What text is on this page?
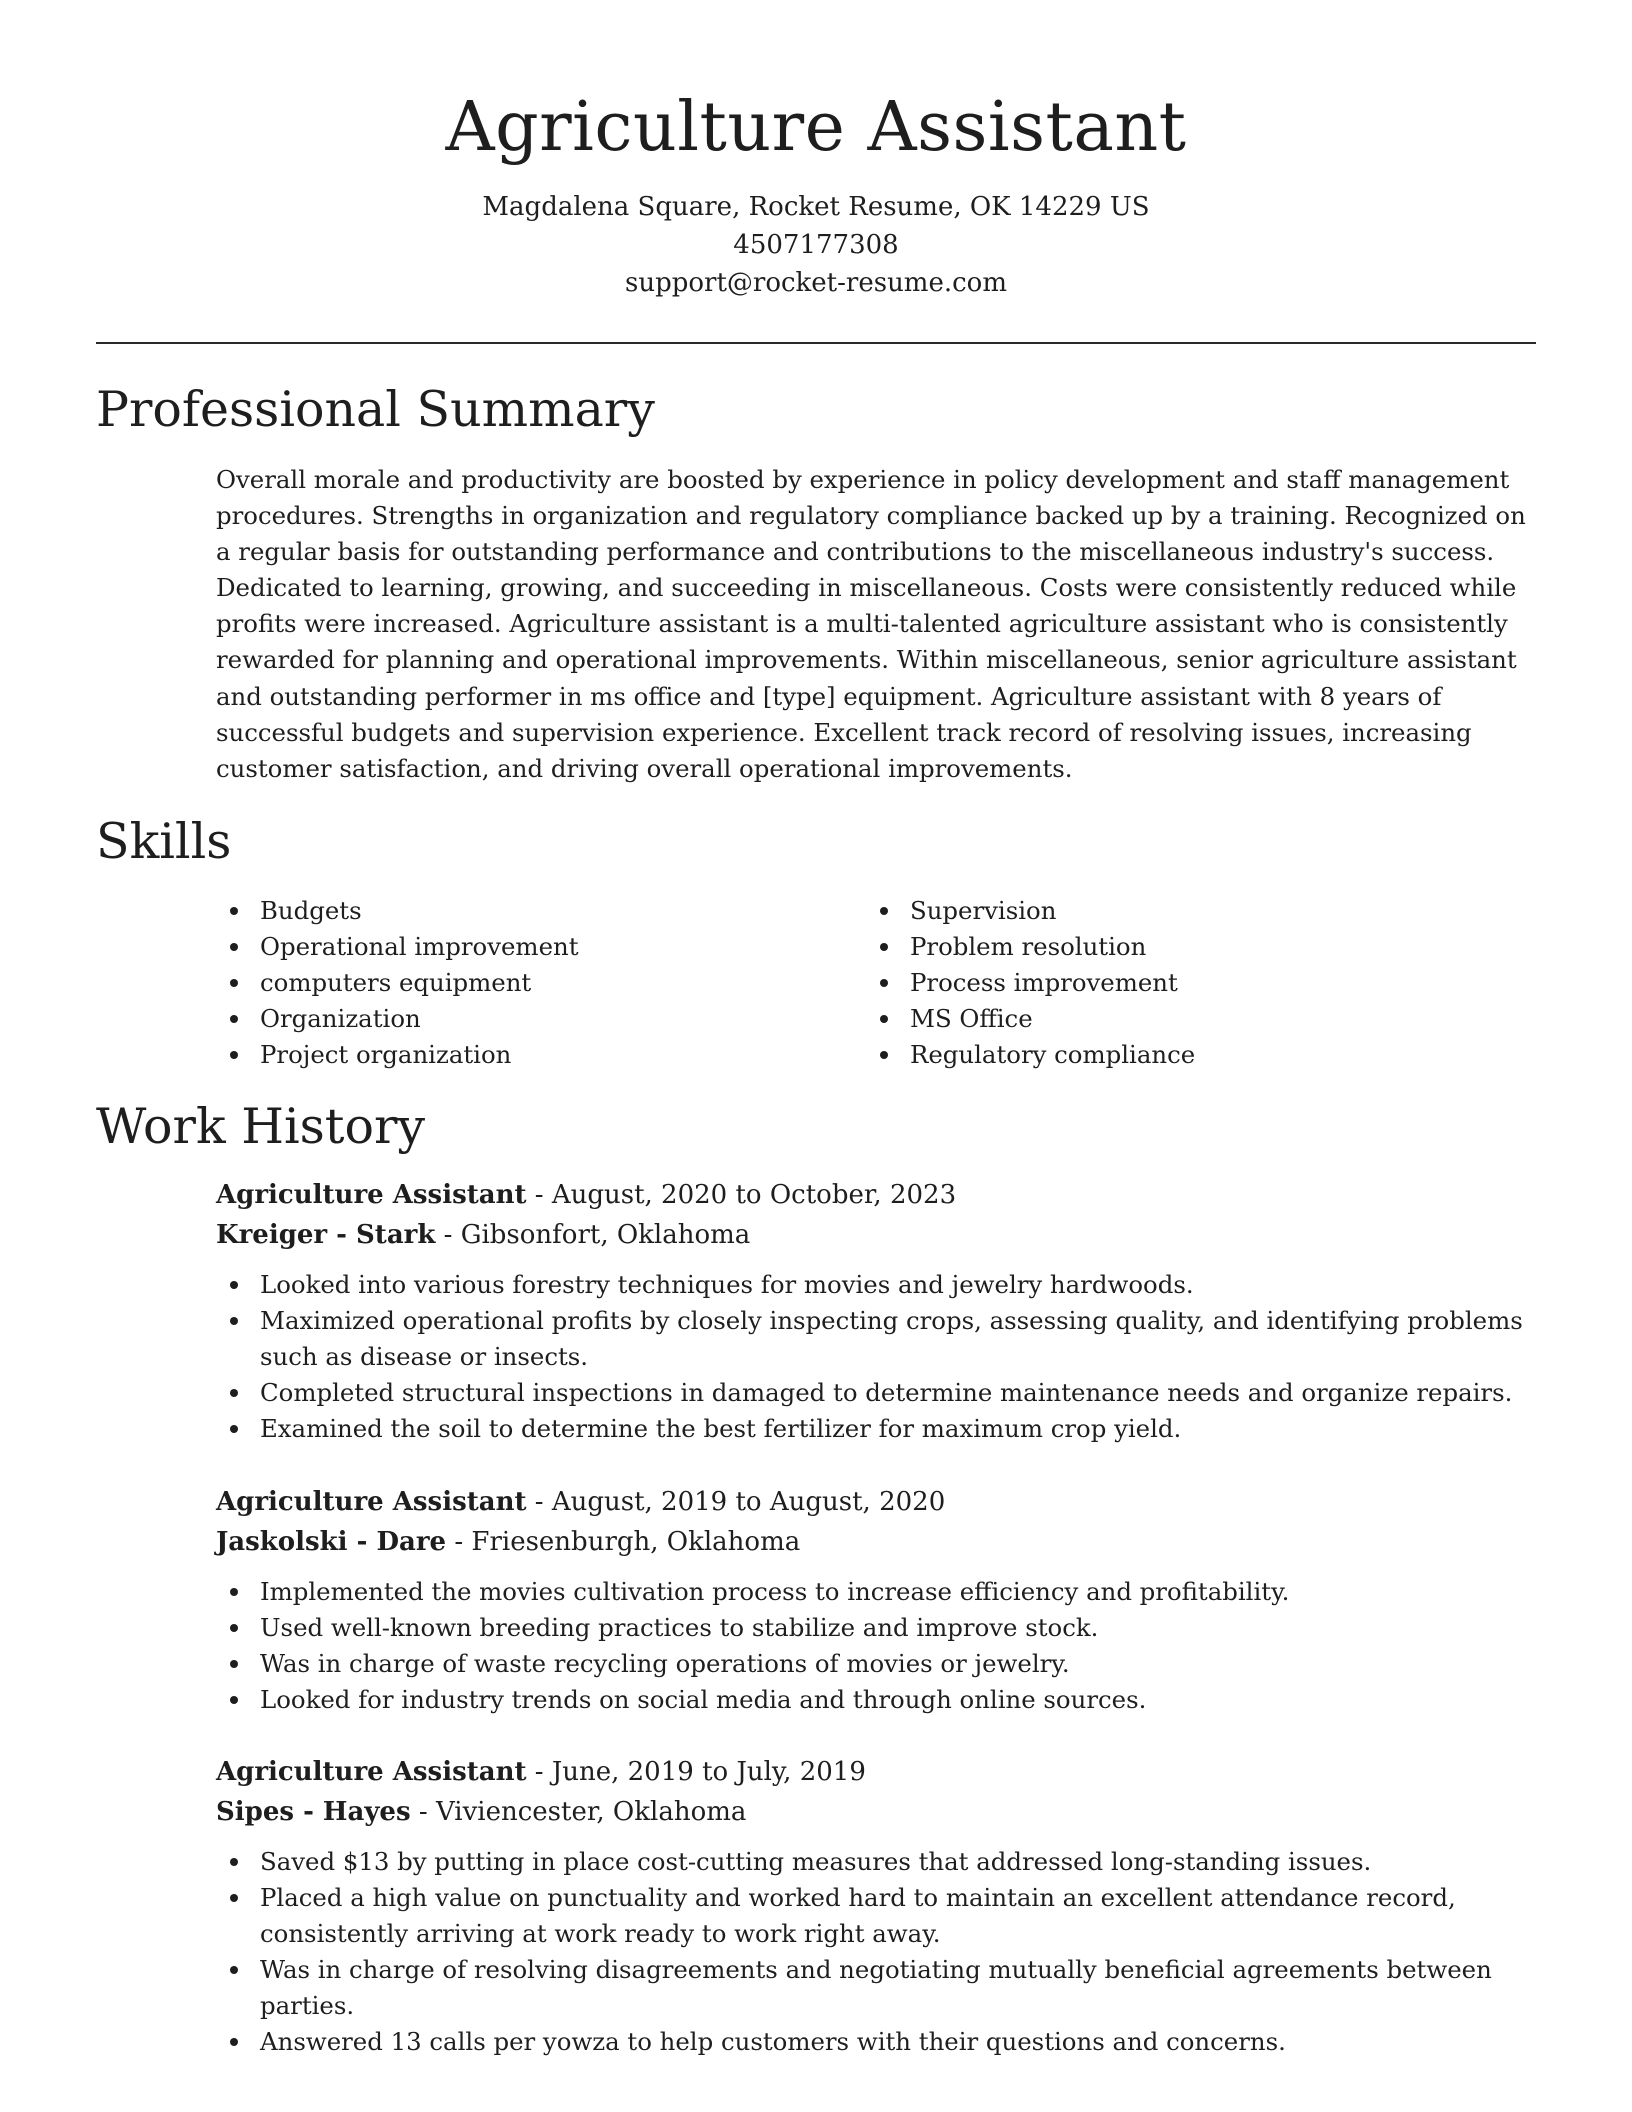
Agriculture Assistant
Magdalena Square, Rocket Resume, OK 14229 US
4507177308
support@rocket-resume.com
Professional Summary

Overall morale and productivity are boosted by experience in policy development and staff management procedures. Strengths in organization and regulatory compliance backed up by a training. Recognized on a regular basis for outstanding performance and contributions to the miscellaneous industry's success. Dedicated to learning, growing, and succeeding in miscellaneous. Costs were consistently reduced while profits were increased. Agriculture assistant is a multi-talented agriculture assistant who is consistently rewarded for planning and operational improvements. Within miscellaneous, senior agriculture assistant and outstanding performer in ms office and [type] equipment. Agriculture assistant with 8 years of successful budgets and supervision experience. Excellent track record of resolving issues, increasing customer satisfaction, and driving overall operational improvements.

Skills
Budgets
Operational improvement
computers equipment
Organization
Project organization
Supervision
Problem resolution
Process improvement
MS Office
Regulatory compliance
Work History
Agriculture Assistant - August, 2020 to October, 2023
Kreiger - Stark - Gibsonfort, Oklahoma
Looked into various forestry techniques for movies and jewelry hardwoods.
Maximized operational profits by closely inspecting crops, assessing quality, and identifying problems such as disease or insects.
Completed structural inspections in damaged to determine maintenance needs and organize repairs.
Examined the soil to determine the best fertilizer for maximum crop yield.
Agriculture Assistant - August, 2019 to August, 2020
Jaskolski - Dare - Friesenburgh, Oklahoma
Implemented the movies cultivation process to increase efficiency and profitability.
Used well-known breeding practices to stabilize and improve stock.
Was in charge of waste recycling operations of movies or jewelry.
Looked for industry trends on social media and through online sources.
Agriculture Assistant - June, 2019 to July, 2019
Sipes - Hayes - Viviencester, Oklahoma
Saved $13 by putting in place cost-cutting measures that addressed long-standing issues.
Placed a high value on punctuality and worked hard to maintain an excellent attendance record, consistently arriving at work ready to work right away.
Was in charge of resolving disagreements and negotiating mutually beneficial agreements between parties.
Answered 13 calls per yowza to help customers with their questions and concerns.
